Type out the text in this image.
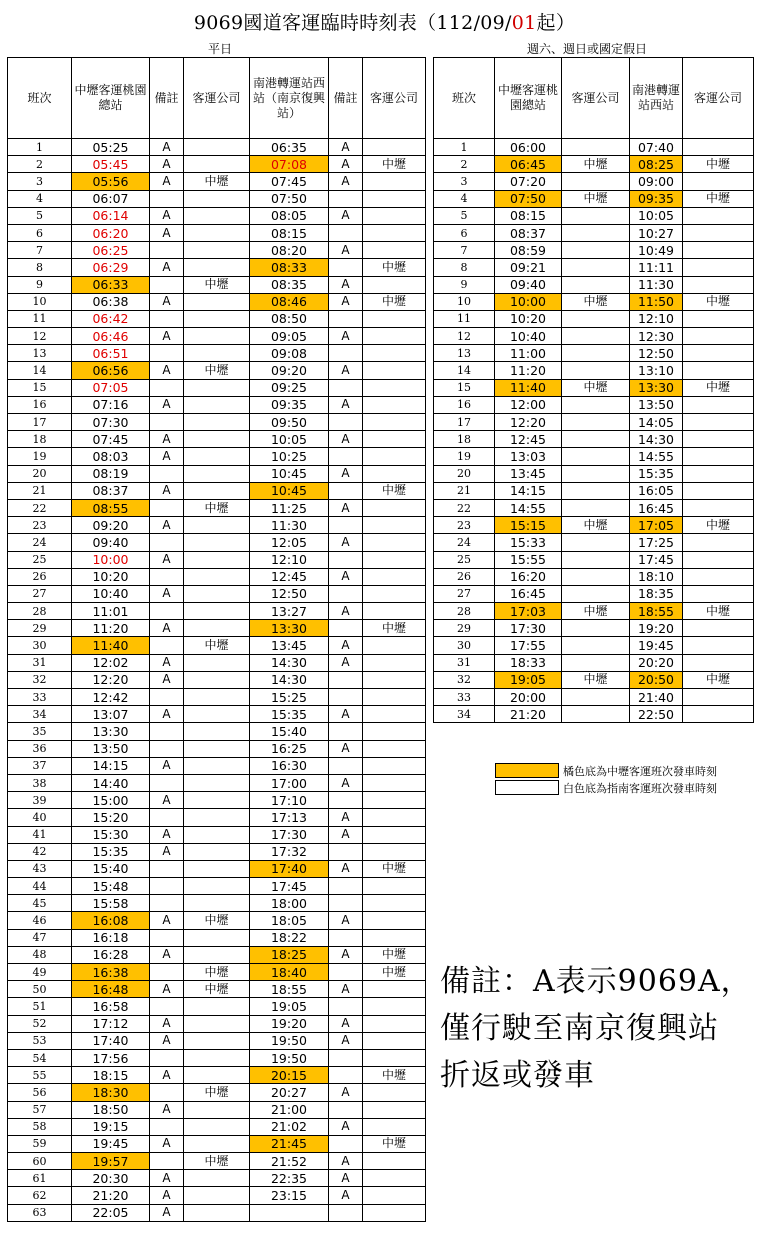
9069國道客運臨時時刻表（112/09/01起）
平日	週六、週日或國定假日
班次	中壢客運桃園總站	備註	客運公司	南港轉運站西站（南京復興站）	備註	客運公司
1	05:25	A		06:35	A	
2	05:45	A		07:08	A	中壢
3	05:56	A	中壢	07:45	A	
4	06:07			07:50		
5	06:14	A		08:05	A	
6	06:20	A		08:15		
7	06:25			08:20	A	
8	06:29	A		08:33		中壢
9	06:33		中壢	08:35	A	
10	06:38	A		08:46	A	中壢
11	06:42			08:50		
12	06:46	A		09:05	A	
13	06:51			09:08		
14	06:56	A	中壢	09:20	A	
15	07:05			09:25		
16	07:16	A		09:35	A	
17	07:30			09:50		
18	07:45	A		10:05	A	
19	08:03	A		10:25		
20	08:19			10:45	A	
21	08:37	A		10:45		中壢
22	08:55		中壢	11:25	A	
23	09:20	A		11:30		
24	09:40			12:05	A	
25	10:00	A		12:10		
26	10:20			12:45	A	
27	10:40	A		12:50		
28	11:01			13:27	A	
29	11:20	A		13:30		中壢
30	11:40		中壢	13:45	A	
31	12:02	A		14:30	A	
32	12:20	A		14:30		
33	12:42			15:25		
34	13:07	A		15:35	A	
35	13:30			15:40		
36	13:50			16:25	A	
37	14:15	A		16:30		
38	14:40			17:00	A	
39	15:00	A		17:10		
40	15:20			17:13	A	
41	15:30	A		17:30	A	
42	15:35	A		17:32		
43	15:40			17:40	A	中壢
44	15:48			17:45		
45	15:58			18:00		
46	16:08	A	中壢	18:05	A	
47	16:18			18:22		
48	16:28	A		18:25	A	中壢
49	16:38		中壢	18:40		中壢
50	16:48	A	中壢	18:55	A	
51	16:58			19:05		
52	17:12	A		19:20	A	
53	17:40	A		19:50	A	
54	17:56			19:50		
55	18:15	A		20:15		中壢
56	18:30		中壢	20:27	A	
57	18:50	A		21:00		
58	19:15			21:02	A	
59	19:45	A		21:45		中壢
60	19:57		中壢	21:52	A	
61	20:30	A		22:35	A	
62	21:20	A		23:15	A	
63	22:05	A				
班次	中壢客運桃園總站	客運公司	南港轉運站西站	客運公司
1	06:00		07:40	
2	06:45	中壢	08:25	中壢
3	07:20		09:00	
4	07:50	中壢	09:35	中壢
5	08:15		10:05	
6	08:37		10:27	
7	08:59		10:49	
8	09:21		11:11	
9	09:40		11:30	
10	10:00	中壢	11:50	中壢
11	10:20		12:10	
12	10:40		12:30	
13	11:00		12:50	
14	11:20		13:10	
15	11:40	中壢	13:30	中壢
16	12:00		13:50	
17	12:20		14:05	
18	12:45		14:30	
19	13:03		14:55	
20	13:45		15:35	
21	14:15		16:05	
22	14:55		16:45	
23	15:15	中壢	17:05	中壢
24	15:33		17:25	
25	15:55		17:45	
26	16:20		18:10	
27	16:45		18:35	
28	17:03	中壢	18:55	中壢
29	17:30		19:20	
30	17:55		19:45	
31	18:33		20:20	
32	19:05	中壢	20:50	中壢
33	20:00		21:40	
34	21:20		22:50	
橘色底為中壢客運班次發車時刻
白色底為指南客運班次發車時刻
備註：A表示9069A，
僅行駛至南京復興站
折返或發車
